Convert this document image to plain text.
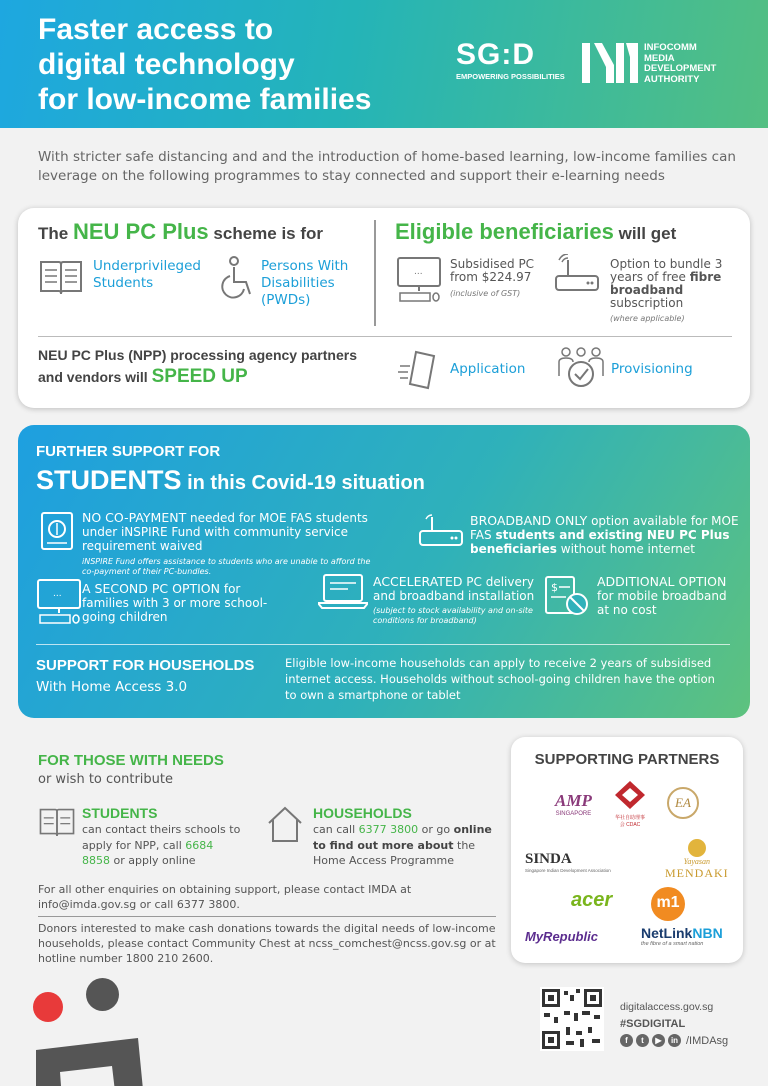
Faster access to
digital technology
for low-income families
SG:D
EMPOWERING POSSIBILITIES
INFOCOMM
MEDIA
DEVELOPMENT
AUTHORITY
With stricter safe distancing and and the introduction of home-based learning, low-income families can leverage on the following programmes to stay connected and support their e-learning needs
The NEU PC Plus scheme is for
Underprivileged Students
Persons With Disabilities (PWDs)
Eligible beneficiaries will get
...
Subsidised PC from $224.97
(inclusive of GST)
Option to bundle 3 years of free fibre broadband subscription
(where applicable)
NEU PC Plus (NPP) processing agency partners and vendors will SPEED UP	Application	Provisioning
FURTHER SUPPORT FOR
STUDENTS in this Covid-19 situation
NO CO-PAYMENT needed for MOE FAS students under iNSPIRE Fund with community service requirement waived
iNSPIRE Fund offers assistance to students who are unable to afford the co-payment of their PC-bundles.
BROADBAND ONLY option available for MOE FAS students and existing NEU PC Plus beneficiaries without home internet
... A SECOND PC OPTION for families with 3 or more school-going children
ACCELERATED PC delivery and broadband installation
(subject to stock availability and on-site conditions for broadband)
$	ADDITIONAL OPTION
for mobile broadband at no cost
SUPPORT FOR HOUSEHOLDS
With Home Access 3.0
Eligible low-income households can apply to receive 2 years of subsidised internet access. Households without school-going children have the option to own a smartphone or tablet
FOR THOSE WITH NEEDS
or wish to contribute
STUDENTS
can contact theirs schools to apply for NPP, call 6684 8858 or apply online
HOUSEHOLDS
can call 6377 3800 or go online to find out more about the Home Access Programme
For all other enquiries on obtaining support, please contact IMDA at info@imda.gov.sg or call 6377 3800.
Donors interested to make cash donations towards the digital needs of low-income households, please contact Community Chest at ncss_comchest@ncss.gov.sg or at hotline number 1800 210 2600.
SUPPORTING PARTNERS
AMP
SINGAPORE
华社自助理事会 CDAC
EA
SINDA
Singapore Indian Development Association
Yayasan
MENDAKI
acer	m1
MyRepublic	NetLinkNBN
the fibre of a smart nation
digitalaccess.gov.sg
#SGDIGITAL
f	t	▶	in /IMDAsg
